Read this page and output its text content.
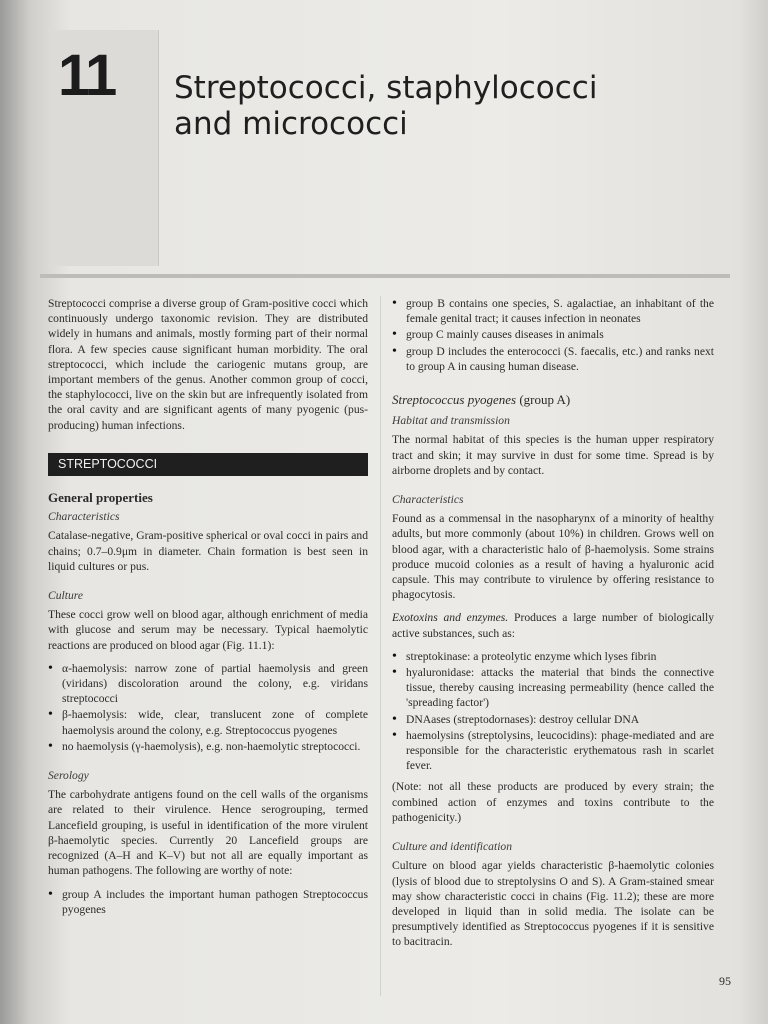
11 Streptococci, staphylococci
and micrococci

Streptococci comprise a diverse group of Gram-positive cocci which continuously undergo taxonomic revision. They are distributed widely in humans and animals, mostly forming part of their normal flora. A few species cause significant human morbidity. The oral streptococci, which include the cariogenic mutans group, are important members of the genus. Another common group of cocci, the staphylococci, live on the skin but are infrequently isolated from the oral cavity and are significant agents of many pyogenic (pus-producing) human infections.

STREPTOCOCCI
General properties
Characteristics

Catalase-negative, Gram-positive spherical or oval cocci in pairs and chains; 0.7–0.9μm in diameter. Chain formation is best seen in liquid cultures or pus.

Culture

These cocci grow well on blood agar, although enrichment of media with glucose and serum may be necessary. Typical haemolytic reactions are produced on blood agar (Fig. 11.1):

• α-haemolysis: narrow zone of partial haemolysis and green (viridans) discoloration around the colony, e.g. viridans streptococci
• β-haemolysis: wide, clear, translucent zone of complete haemolysis around the colony, e.g. Streptococcus pyogenes
• no haemolysis (γ-haemolysis), e.g. non-haemolytic streptococci.
Serology

The carbohydrate antigens found on the cell walls of the organisms are related to their virulence. Hence serogrouping, termed Lancefield grouping, is useful in identification of the more virulent β-haemolytic species. Currently 20 Lancefield groups are recognized (A–H and K–V) but not all are equally important as human pathogens. The following are worthy of note:

• group A includes the important human pathogen Streptococcus pyogenes
• group B contains one species, S. agalactiae, an inhabitant of the female genital tract; it causes infection in neonates
• group C mainly causes diseases in animals
• group D includes the enterococci (S. faecalis, etc.) and ranks next to group A in causing human disease.
Streptococcus pyogenes (group A)
Habitat and transmission

The normal habitat of this species is the human upper respiratory tract and skin; it may survive in dust for some time. Spread is by airborne droplets and by contact.

Characteristics

Found as a commensal in the nasopharynx of a minority of healthy adults, but more commonly (about 10%) in children. Grows well on blood agar, with a characteristic halo of β-haemolysis. Some strains produce mucoid colonies as a result of having a hyaluronic acid capsule. This may contribute to virulence by offering resistance to phagocytosis.

Exotoxins and enzymes. Produces a large number of biologically active substances, such as:

• streptokinase: a proteolytic enzyme which lyses fibrin
• hyaluronidase: attacks the material that binds the connective tissue, thereby causing increasing permeability (hence called the 'spreading factor')
• DNAases (streptodornases): destroy cellular DNA
• haemolysins (streptolysins, leucocidins): phage-mediated and are responsible for the characteristic erythematous rash in scarlet fever.

(Note: not all these products are produced by every strain; the combined action of enzymes and toxins contribute to the pathogenicity.)

Culture and identification

Culture on blood agar yields characteristic β-haemolytic colonies (lysis of blood due to streptolysins O and S). A Gram-stained smear may show characteristic cocci in chains (Fig. 11.2); these are more developed in liquid than in solid media. The isolate can be presumptively identified as Streptococcus pyogenes if it is sensitive to bacitracin.

95
